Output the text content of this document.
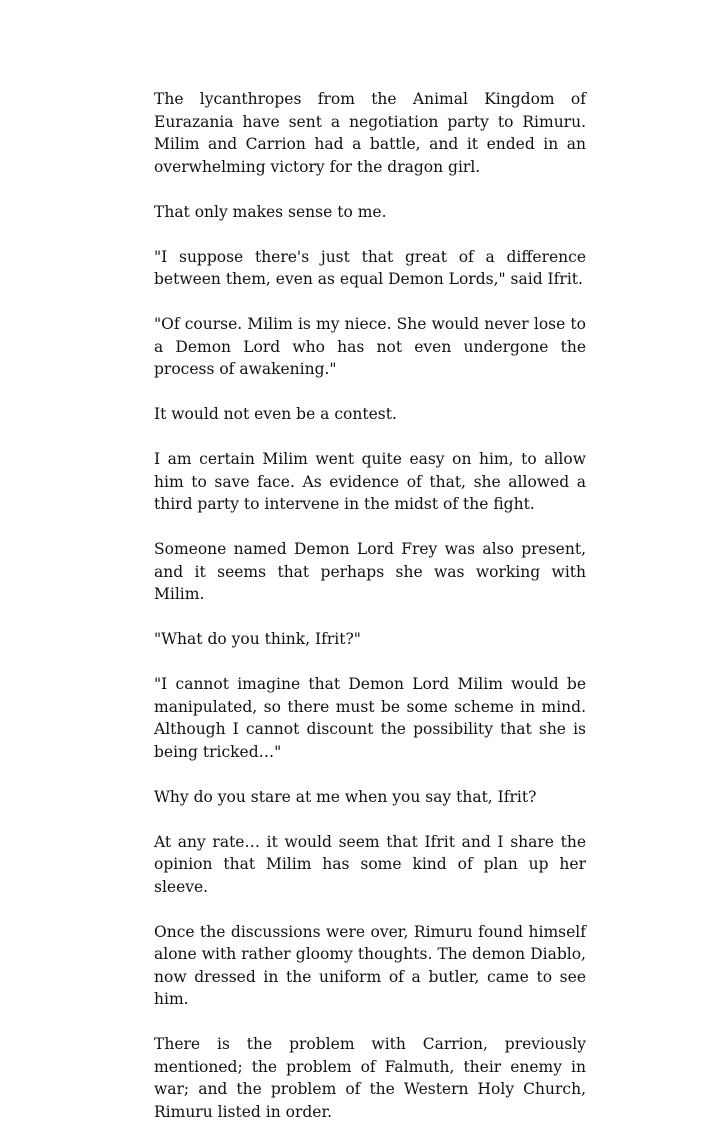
The lycanthropes from the Animal Kingdom of Eurazania have sent a negotiation party to Rimuru. Milim and Carrion had a battle, and it ended in an overwhelming victory for the dragon girl.

That only makes sense to me.

"I suppose there's just that great of a difference between them, even as equal Demon Lords," said Ifrit.

"Of course. Milim is my niece. She would never lose to a Demon Lord who has not even undergone the process of awakening."

It would not even be a contest.

I am certain Milim went quite easy on him, to allow him to save face. As evidence of that, she allowed a third party to intervene in the midst of the fight.

Someone named Demon Lord Frey was also present, and it seems that perhaps she was working with Milim.

"What do you think, Ifrit?"

"I cannot imagine that Demon Lord Milim would be manipulated, so there must be some scheme in mind. Although I cannot discount the possibility that she is being tricked…"

Why do you stare at me when you say that, Ifrit?

At any rate… it would seem that Ifrit and I share the opinion that Milim has some kind of plan up her sleeve.

Once the discussions were over, Rimuru found himself alone with rather gloomy thoughts. The demon Diablo, now dressed in the uniform of a butler, came to see him.

There is the problem with Carrion, previously mentioned; the problem of Falmuth, their enemy in war; and the problem of the Western Holy Church, Rimuru listed in order.
